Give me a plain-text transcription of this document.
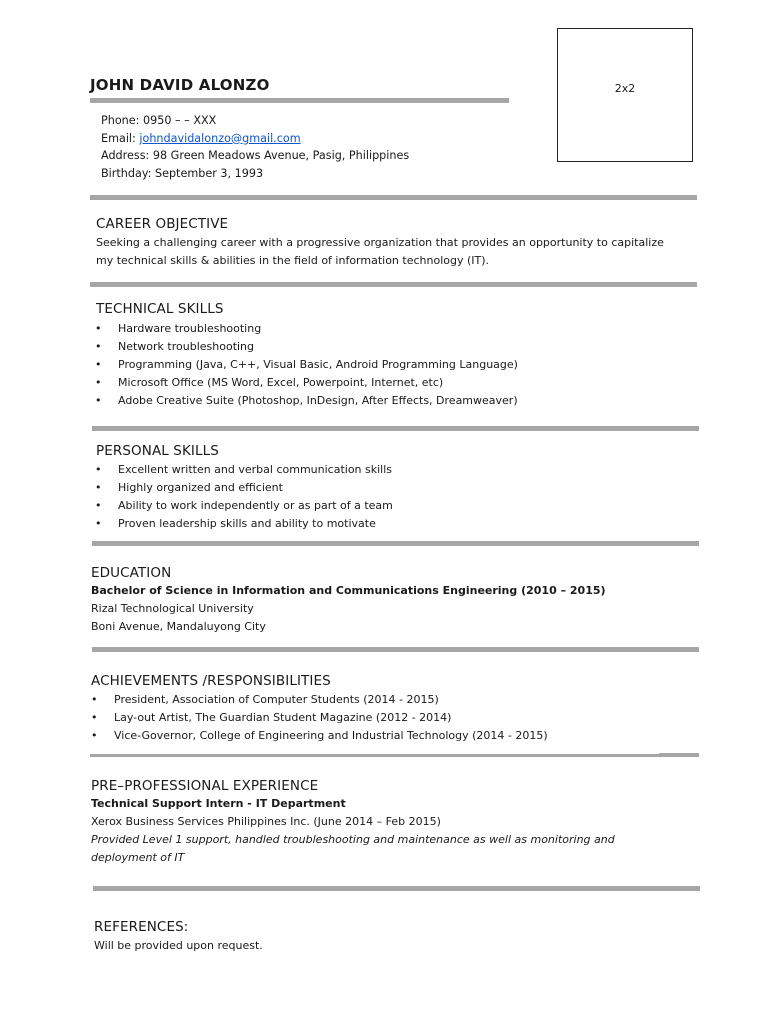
JOHN DAVID ALONZO	2x2
Phone: 0950 – – XXX
Email: johndavidalonzo@gmail.com
Address: 98 Green Meadows Avenue, Pasig, Philippines
Birthday: September 3, 1993
CAREER OBJECTIVE
Seeking a challenging career with a progressive organization that provides an opportunity to capitalize
my technical skills & abilities in the field of information technology (IT).
TECHNICAL SKILLS
• Hardware troubleshooting
• Network troubleshooting
• Programming (Java, C++, Visual Basic, Android Programming Language)
• Microsoft Office (MS Word, Excel, Powerpoint, Internet, etc)
• Adobe Creative Suite (Photoshop, InDesign, After Effects, Dreamweaver)
PERSONAL SKILLS
• Excellent written and verbal communication skills
• Highly organized and efficient
• Ability to work independently or as part of a team
• Proven leadership skills and ability to motivate
EDUCATION
Bachelor of Science in Information and Communications Engineering (2010 – 2015)
Rizal Technological University
Boni Avenue, Mandaluyong City
ACHIEVEMENTS /RESPONSIBILITIES
• President, Association of Computer Students (2014 - 2015)
• Lay-out Artist, The Guardian Student Magazine (2012 - 2014)
• Vice-Governor, College of Engineering and Industrial Technology (2014 - 2015)
PRE–PROFESSIONAL EXPERIENCE
Technical Support Intern - IT Department
Xerox Business Services Philippines Inc. (June 2014 – Feb 2015)
Provided Level 1 support, handled troubleshooting and maintenance as well as monitoring and
deployment of IT
REFERENCES:
Will be provided upon request.
